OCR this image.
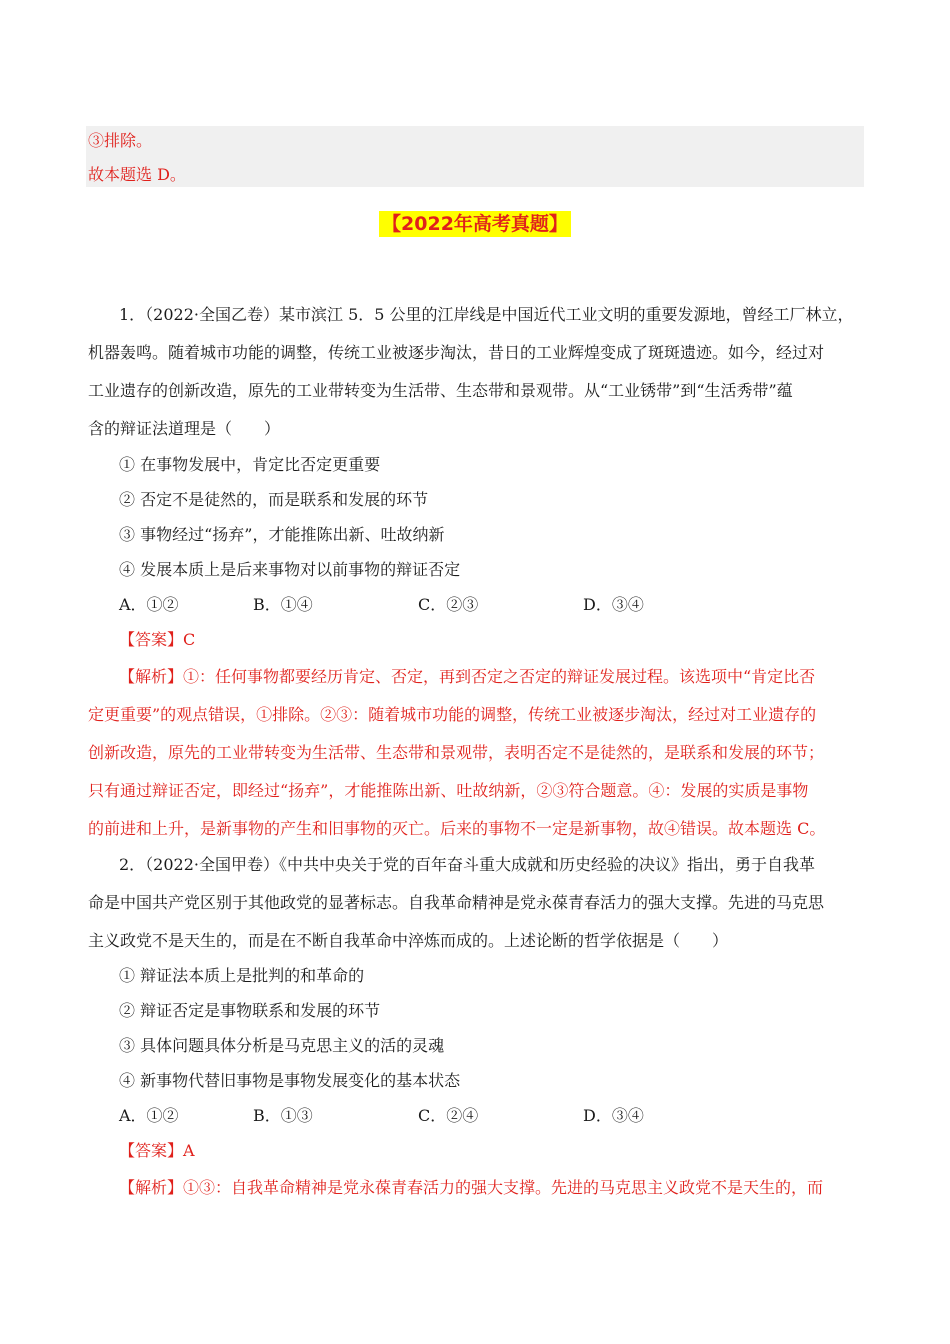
③排除。
故本题选 D。
【2022年高考真题】
1．（2022·全国乙卷）某市滨江 5．5 公里的江岸线是中国近代工业文明的重要发源地，曾经工厂林立，
机器轰鸣。随着城市功能的调整，传统工业被逐步淘汰，昔日的工业辉煌变成了斑斑遗迹。如今，经过对
工业遗存的创新改造，原先的工业带转变为生活带、生态带和景观带。从“工业锈带”到“生活秀带”蕴
含的辩证法道理是（　　）
① 在事物发展中，肯定比否定更重要
② 否定不是徒然的，而是联系和发展的环节
③ 事物经过“扬弃”，才能推陈出新、吐故纳新
④ 发展本质上是后来事物对以前事物的辩证否定
A．①②	B．①④	C．②③	D．③④
【答案】C
【解析】①：任何事物都要经历肯定、否定，再到否定之否定的辩证发展过程。该选项中“肯定比否
定更重要”的观点错误，①排除。②③：随着城市功能的调整，传统工业被逐步淘汰，经过对工业遗存的
创新改造，原先的工业带转变为生活带、生态带和景观带，表明否定不是徒然的，是联系和发展的环节；
只有通过辩证否定，即经过“扬弃”，才能推陈出新、吐故纳新，②③符合题意。④：发展的实质是事物
的前进和上升，是新事物的产生和旧事物的灭亡。后来的事物不一定是新事物，故④错误。故本题选 C。
2．（2022·全国甲卷）《中共中央关于党的百年奋斗重大成就和历史经验的决议》指出，勇于自我革
命是中国共产党区别于其他政党的显著标志。自我革命精神是党永葆青春活力的强大支撑。先进的马克思
主义政党不是天生的，而是在不断自我革命中淬炼而成的。上述论断的哲学依据是（　　）
① 辩证法本质上是批判的和革命的
② 辩证否定是事物联系和发展的环节
③ 具体问题具体分析是马克思主义的活的灵魂
④ 新事物代替旧事物是事物发展变化的基本状态
A．①②	B．①③	C．②④	D．③④
【答案】A
【解析】①③：自我革命精神是党永葆青春活力的强大支撑。先进的马克思主义政党不是天生的，而
